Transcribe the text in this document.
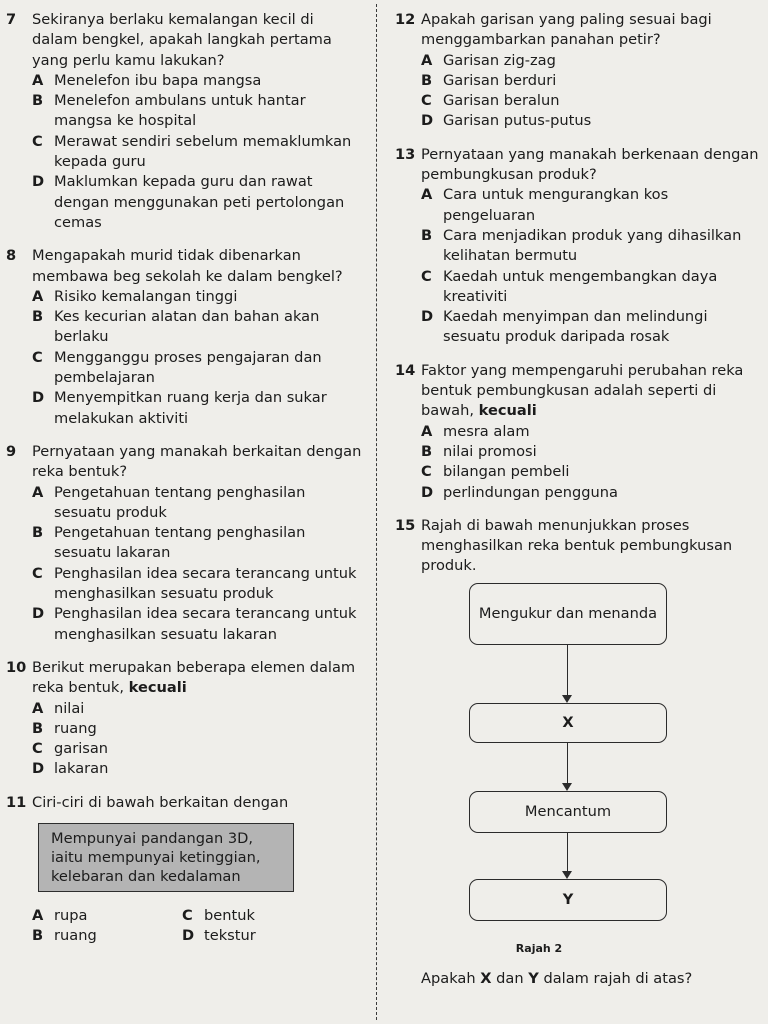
7	Sekiranya berlaku kemalangan kecil di dalam bengkel, apakah langkah pertama yang perlu kamu lakukan?
A Menelefon ibu bapa mangsa
B Menelefon ambulans untuk hantar mangsa ke hospital
C Merawat sendiri sebelum memaklumkan kepada guru
D Maklumkan kepada guru dan rawat dengan menggunakan peti pertolongan cemas
8	Mengapakah murid tidak dibenarkan membawa beg sekolah ke dalam bengkel?
A Risiko kemalangan tinggi
B Kes kecurian alatan dan bahan akan berlaku
C Mengganggu proses pengajaran dan pembelajaran
D Menyempitkan ruang kerja dan sukar melakukan aktiviti
9	Pernyataan yang manakah berkaitan dengan reka bentuk?
A Pengetahuan tentang penghasilan sesuatu produk
B Pengetahuan tentang penghasilan sesuatu lakaran
C Penghasilan idea secara terancang untuk menghasilkan sesuatu produk
D Penghasilan idea secara terancang untuk menghasilkan sesuatu lakaran
10 Berikut merupakan beberapa elemen dalam reka bentuk, kecuali
A nilai
B ruang
C garisan
D lakaran
11 Ciri-ciri di bawah berkaitan dengan
Mempunyai pandangan 3D, iaitu mempunyai ketinggian, kelebaran dan kedalaman
A rupa	C bentuk
B ruang	D tekstur
12 Apakah garisan yang paling sesuai bagi menggambarkan panahan petir?
A Garisan zig-zag
B Garisan berduri
C Garisan beralun
D Garisan putus-putus
13 Pernyataan yang manakah berkenaan dengan pembungkusan produk?
A Cara untuk mengurangkan kos pengeluaran
B Cara menjadikan produk yang dihasilkan kelihatan bermutu
C Kaedah untuk mengembangkan daya kreativiti
D Kaedah menyimpan dan melindungi sesuatu produk daripada rosak
14 Faktor yang mempengaruhi perubahan reka bentuk pembungkusan adalah seperti di bawah, kecuali
A mesra alam
B nilai promosi
C bilangan pembeli
D perlindungan pengguna
15 Rajah di bawah menunjukkan proses menghasilkan reka bentuk pembungkusan produk.
Mengukur dan menanda
X
Mencantum
Y
Rajah 2
Apakah X dan Y dalam rajah di atas?
